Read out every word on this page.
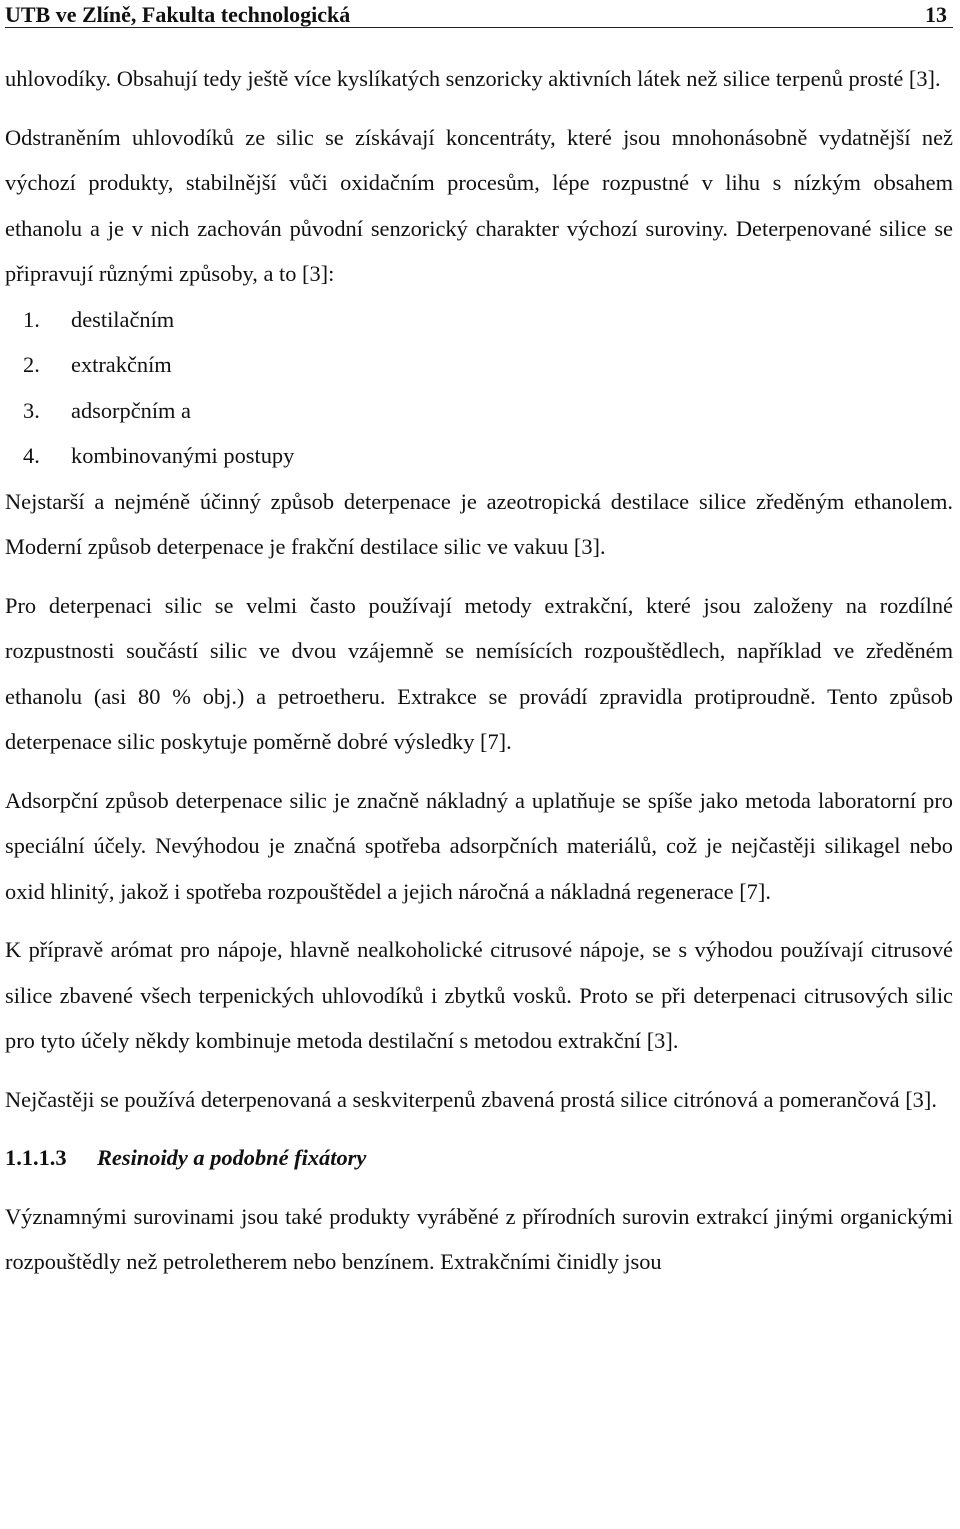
UTB ve Zlíně, Fakulta technologická	13

uhlovodíky. Obsahují tedy ještě více kyslíkatých senzoricky aktivních látek než silice terpenů prosté [3].

Odstraněním uhlovodíků ze silic se získávají koncentráty, které jsou mnohonásobně vydatnější než výchozí produkty, stabilnější vůči oxidačním procesům, lépe rozpustné v lihu s nízkým obsahem ethanolu a je v nich zachován původní senzorický charakter výchozí suroviny. Deterpenované silice se připravují různými způsoby, a to [3]:

1.	destilačním
2.	extrakčním
3.	adsorpčním a
4.	kombinovanými postupy

Nejstarší a nejméně účinný způsob deterpenace je azeotropická destilace silice zředěným ethanolem. Moderní způsob deterpenace je frakční destilace silic ve vakuu [3].

Pro deterpenaci silic se velmi často používají metody extrakční, které jsou založeny na rozdílné rozpustnosti součástí silic ve dvou vzájemně se nemísících rozpouštědlech, například ve zředěném ethanolu (asi 80 % obj.) a petroetheru. Extrakce se provádí zpravidla protiproudně. Tento způsob deterpenace silic poskytuje poměrně dobré výsledky [7].

Adsorpční způsob deterpenace silic je značně nákladný a uplatňuje se spíše jako metoda laboratorní pro speciální účely. Nevýhodou je značná spotřeba adsorpčních materiálů, což je nejčastěji silikagel nebo oxid hlinitý, jakož i spotřeba rozpouštědel a jejich náročná a nákladná regenerace [7].

K přípravě arómat pro nápoje, hlavně nealkoholické citrusové nápoje, se s výhodou používají citrusové silice zbavené všech terpenických uhlovodíků i zbytků vosků. Proto se při deterpenaci citrusových silic pro tyto účely někdy kombinuje metoda destilační s metodou extrakční [3].

Nejčastěji se používá deterpenovaná a seskviterpenů zbavená prostá silice citrónová a pomerančová [3].

1.1.1.3 Resinoidy a podobné fixátory

Významnými surovinami jsou také produkty vyráběné z přírodních surovin extrakcí jinými organickými rozpouštědly než petroletherem nebo benzínem. Extrakčními činidly jsou
